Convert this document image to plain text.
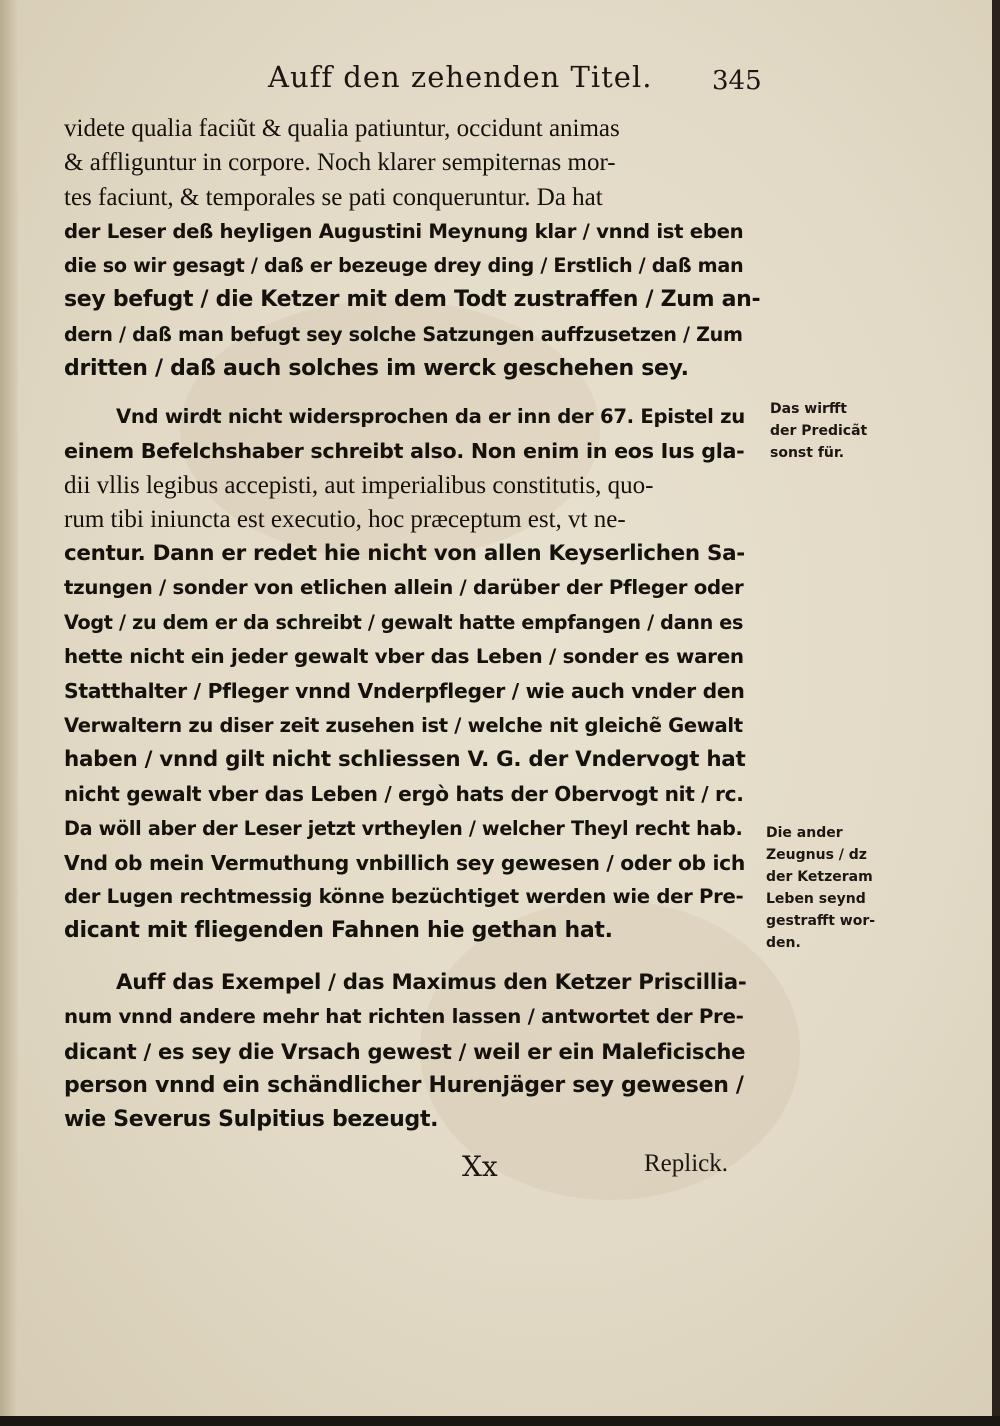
Auff den zehenden Titel. 345
videte qualia faciũt & qualia patiuntur, occidunt animas
& affliguntur in corpore. Noch klarer sempiternas mor-
tes faciunt, & temporales se pati conqueruntur. Da hat
der Leser deß heyligen Augustini Meynung klar / vnnd ist eben
die so wir gesagt / daß er bezeuge drey ding / Erstlich / daß man
sey befugt / die Ketzer mit dem Todt zustraffen / Zum an-
dern / daß man befugt sey solche Satzungen auffzusetzen / Zum
dritten / daß auch solches im werck geschehen sey.
Vnd wirdt nicht widersprochen da er inn der 67. Epistel zu
einem Befelchshaber schreibt also. Non enim in eos Ius gla-
dii vllis legibus accepisti, aut imperialibus constitutis, quo-
rum tibi iniuncta est executio, hoc præceptum est, vt ne-
centur. Dann er redet hie nicht von allen Keyserlichen Sa-
tzungen / sonder von etlichen allein / darüber der Pfleger oder
Vogt / zu dem er da schreibt / gewalt hatte empfangen / dann es
hette nicht ein jeder gewalt vber das Leben / sonder es waren
Statthalter / Pfleger vnnd Vnderpfleger / wie auch vnder den
Verwaltern zu diser zeit zusehen ist / welche nit gleichẽ Gewalt
haben / vnnd gilt nicht schliessen V. G. der Vndervogt hat
nicht gewalt vber das Leben / ergò hats der Obervogt nit / rc.
Da wöll aber der Leser jetzt vrtheylen / welcher Theyl recht hab.
Vnd ob mein Vermuthung vnbillich sey gewesen / oder ob ich
der Lugen rechtmessig könne bezüchtiget werden wie der Pre-
dicant mit fliegenden Fahnen hie gethan hat.
Auff das Exempel / das Maximus den Ketzer Priscillia-
num vnnd andere mehr hat richten lassen / antwortet der Pre-
dicant / es sey die Vrsach gewest / weil er ein Maleficische
person vnnd ein schändlicher Hurenjäger sey gewesen /
wie Severus Sulpitius bezeugt.
Das wirfft
der Predicãt
sonst für.
Die ander
Zeugnus / dz
der Ketzeram
Leben seynd
gestrafft wor-
den.
Xx	Replick.
